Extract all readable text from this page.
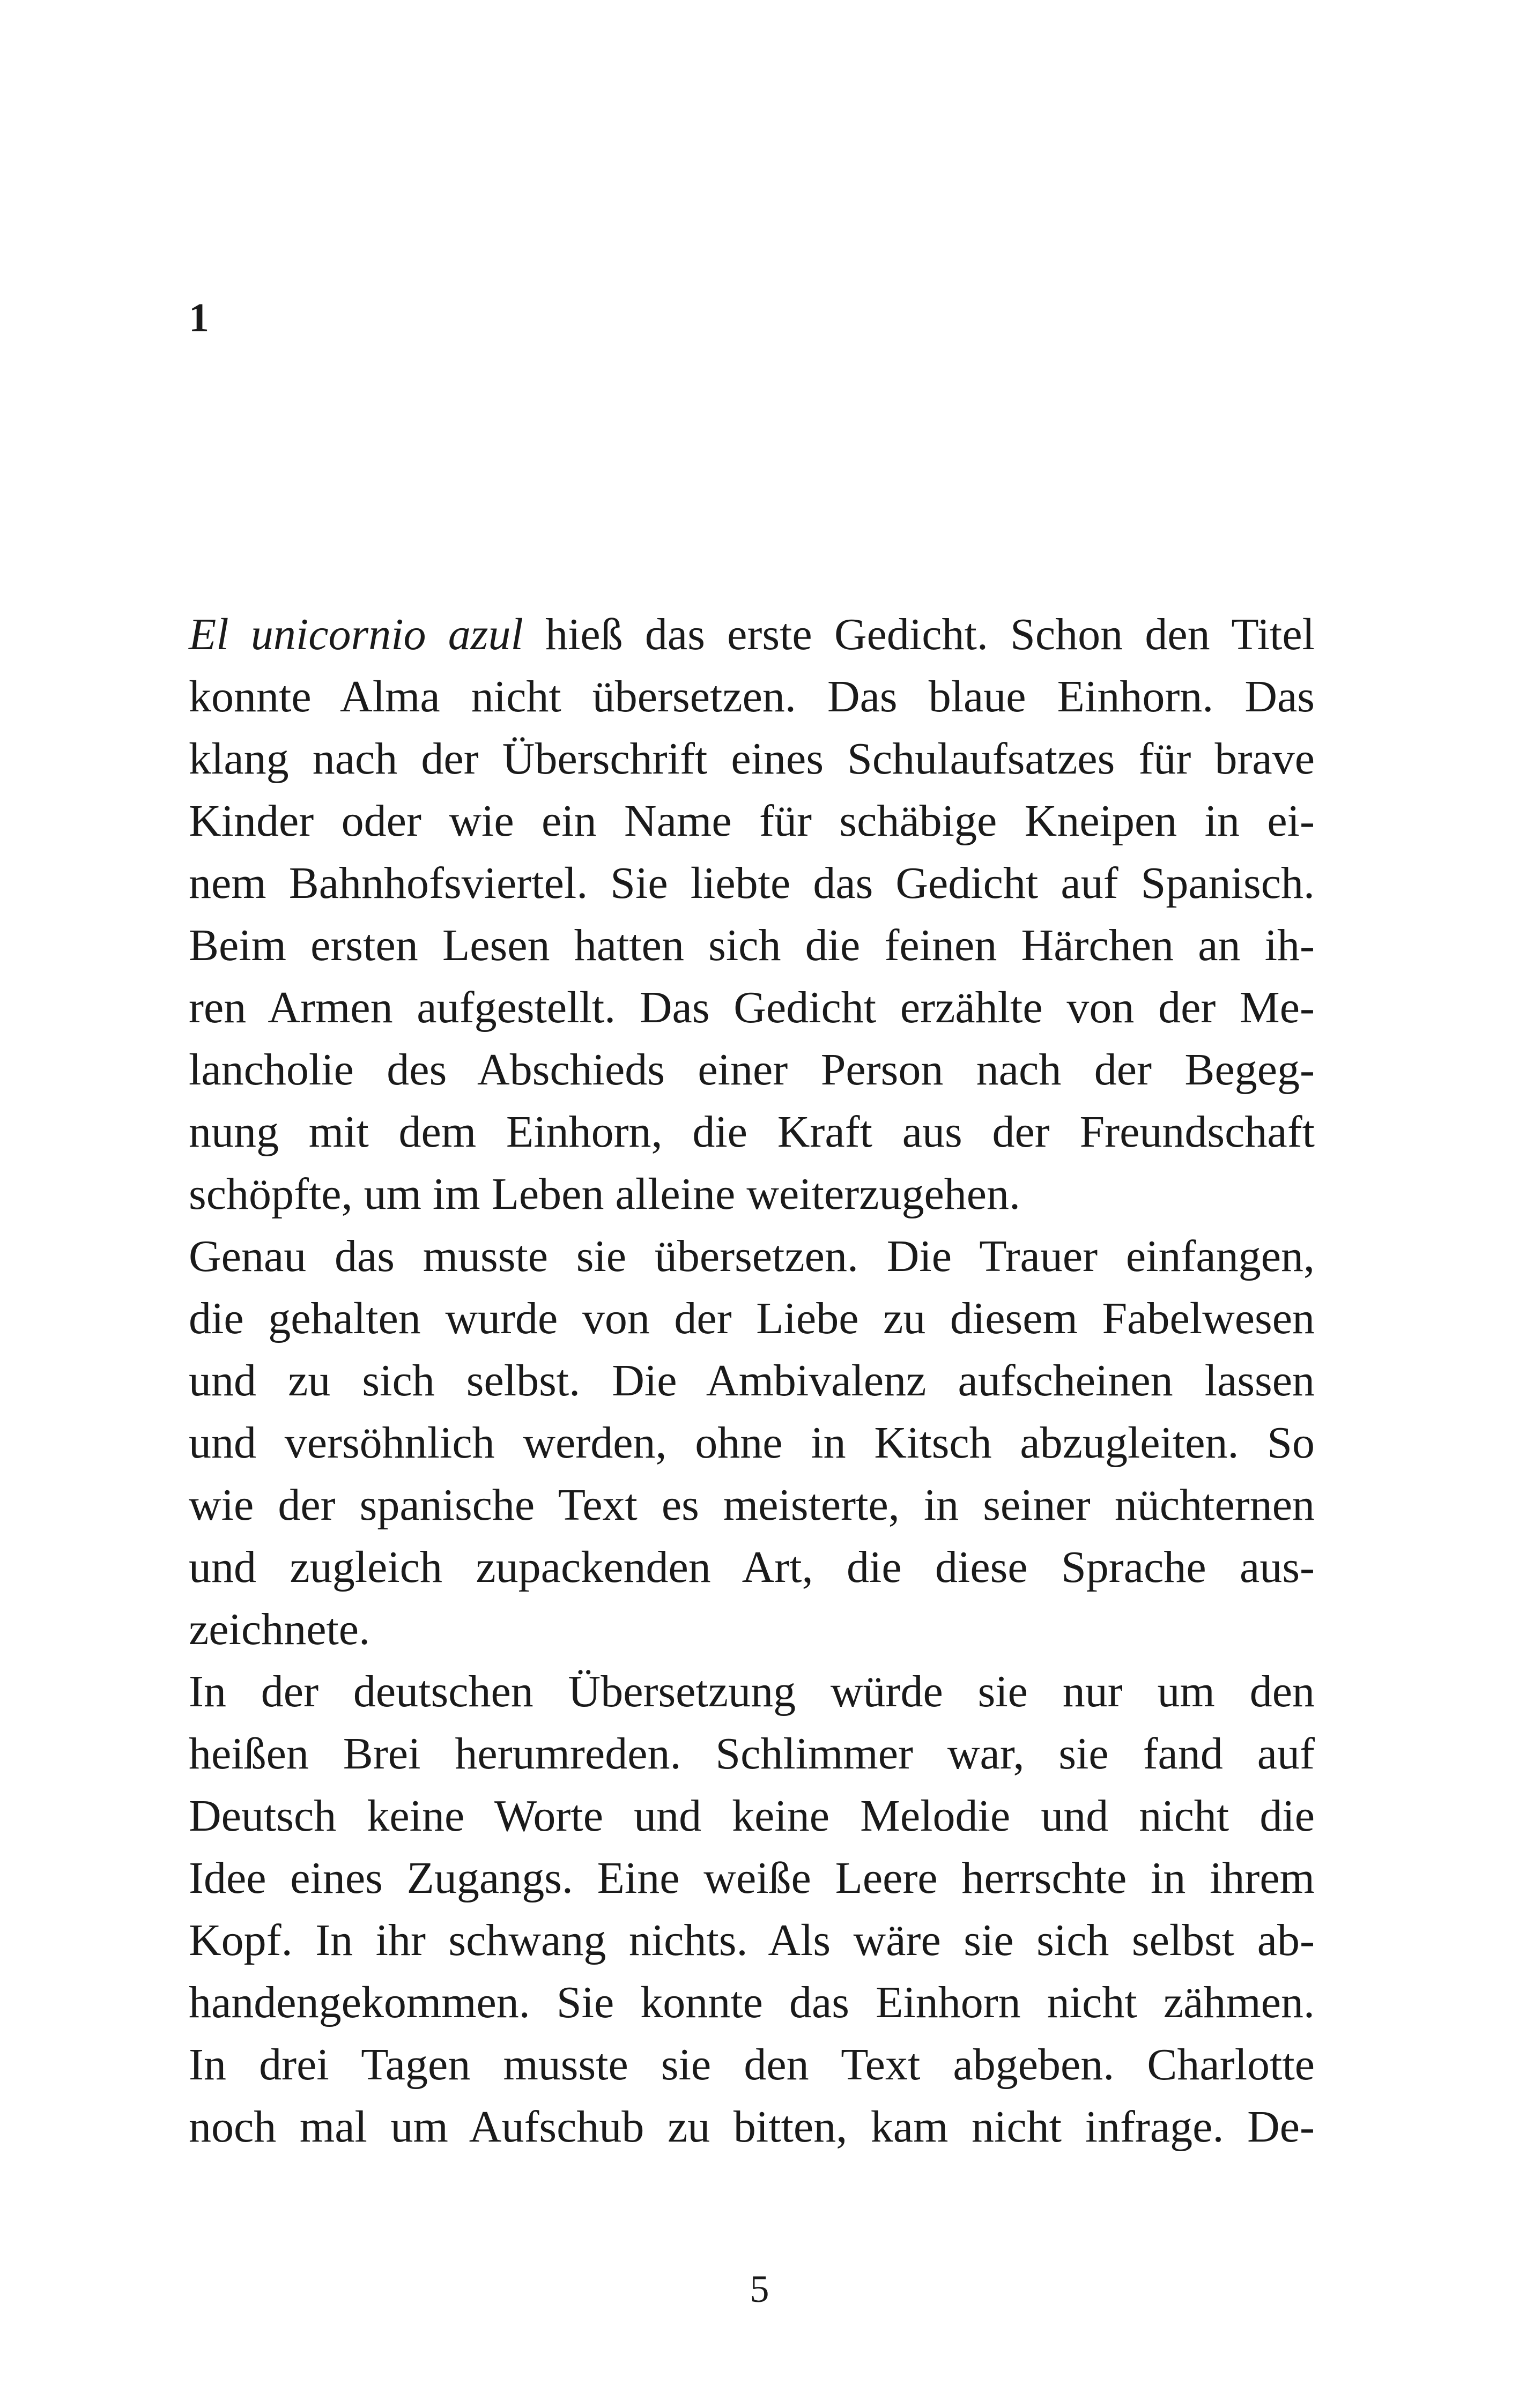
1
El unicornio azul hieß das erste Gedicht. Schon den Titel
konnte Alma nicht übersetzen. Das blaue Einhorn. Das
klang nach der Überschrift eines Schulaufsatzes für brave
Kinder oder wie ein Name für schäbige Kneipen in ei-
nem Bahnhofsviertel. Sie liebte das Gedicht auf Spanisch.
Beim ersten Lesen hatten sich die feinen Härchen an ih-
ren Armen aufgestellt. Das Gedicht erzählte von der Me-
lancholie des Abschieds einer Person nach der Begeg-
nung mit dem Einhorn, die Kraft aus der Freundschaft
schöpfte, um im Leben alleine weiterzugehen.
Genau das musste sie übersetzen. Die Trauer einfangen,
die gehalten wurde von der Liebe zu diesem Fabelwesen
und zu sich selbst. Die Ambivalenz aufscheinen lassen
und versöhnlich werden, ohne in Kitsch abzugleiten. So
wie der spanische Text es meisterte, in seiner nüchternen
und zugleich zupackenden Art, die diese Sprache aus-
zeichnete.
In der deutschen Übersetzung würde sie nur um den
heißen Brei herumreden. Schlimmer war, sie fand auf
Deutsch keine Worte und keine Melodie und nicht die
Idee eines Zugangs. Eine weiße Leere herrschte in ihrem
Kopf. In ihr schwang nichts. Als wäre sie sich selbst ab-
handengekommen. Sie konnte das Einhorn nicht zähmen.
In drei Tagen musste sie den Text abgeben. Charlotte
noch mal um Aufschub zu bitten, kam nicht infrage. De-
5
